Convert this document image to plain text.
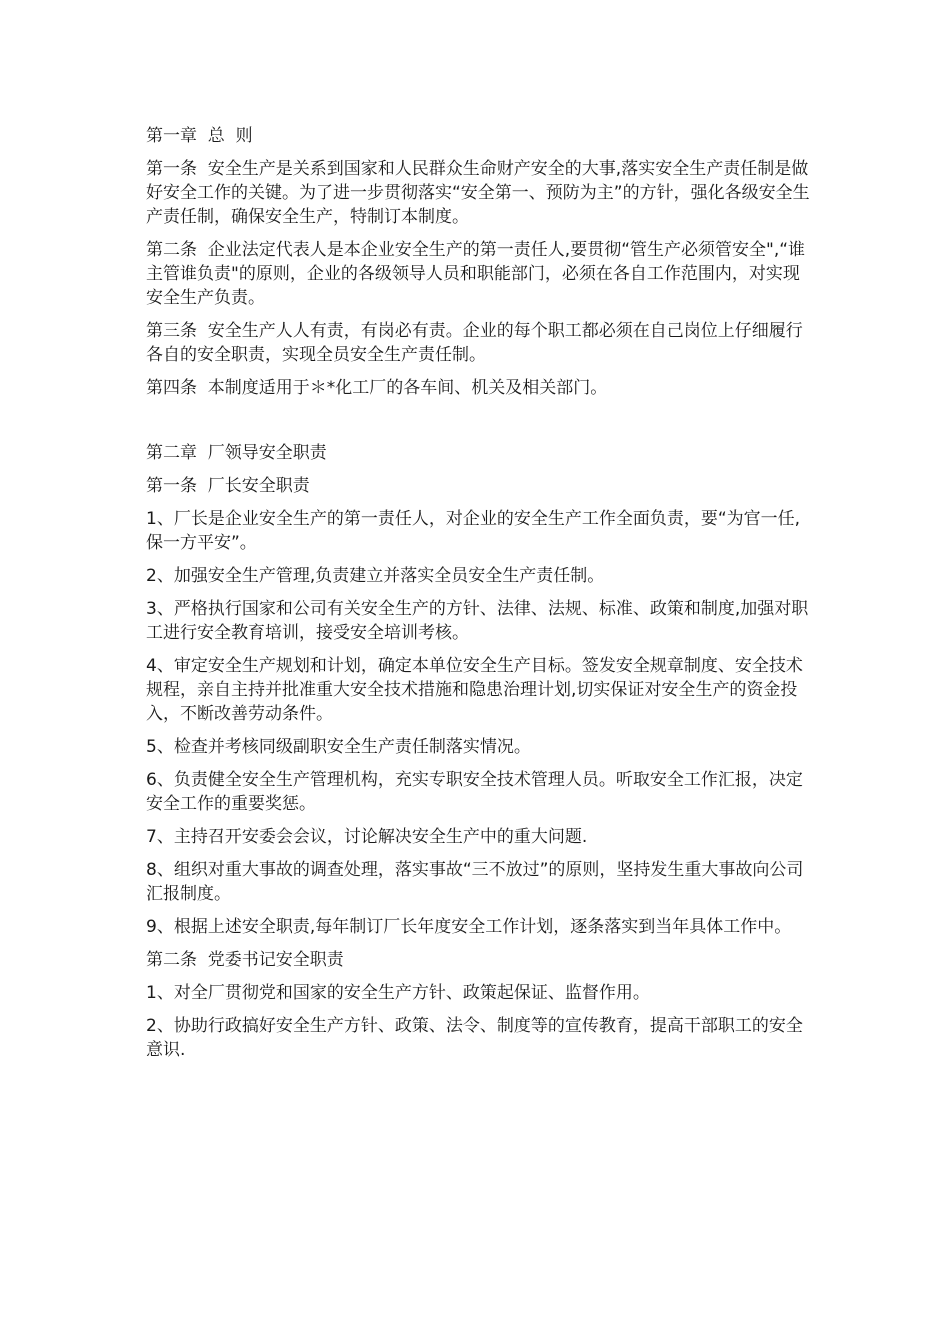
第一章  总  则

第一条  安全生产是关系到国家和人民群众生命财产安全的大事,落实安全生产责任制是做好安全工作的关键。为了进一步贯彻落实“安全第一、预防为主”的方针，强化各级安全生产责任制，确保安全生产，特制订本制度。

第二条  企业法定代表人是本企业安全生产的第一责任人,要贯彻“管生产必须管安全",“谁主管谁负责"的原则，企业的各级领导人员和职能部门，必须在各自工作范围内，对实现安全生产负责。

第三条  安全生产人人有责，有岗必有责。企业的每个职工都必须在自己岗位上仔细履行各自的安全职责，实现全员安全生产责任制。

第四条  本制度适用于＊*化工厂的各车间、机关及相关部门。

第二章  厂领导安全职责

第一条  厂长安全职责

1、厂长是企业安全生产的第一责任人，对企业的安全生产工作全面负责，要“为官一任,保一方平安”。

2、加强安全生产管理,负责建立并落实全员安全生产责任制。

3、严格执行国家和公司有关安全生产的方针、法律、法规、标准、政策和制度,加强对职工进行安全教育培训，接受安全培训考核。

4、审定安全生产规划和计划，确定本单位安全生产目标。签发安全规章制度、安全技术规程，亲自主持并批准重大安全技术措施和隐患治理计划,切实保证对安全生产的资金投入，不断改善劳动条件。

5、检查并考核同级副职安全生产责任制落实情况。

6、负责健全安全生产管理机构，充实专职安全技术管理人员。听取安全工作汇报，决定安全工作的重要奖惩。

7、主持召开安委会会议，讨论解决安全生产中的重大问题.

8、组织对重大事故的调查处理，落实事故“三不放过”的原则，坚持发生重大事故向公司汇报制度。

9、根据上述安全职责,每年制订厂长年度安全工作计划，逐条落实到当年具体工作中。

第二条  党委书记安全职责

1、对全厂贯彻党和国家的安全生产方针、政策起保证、监督作用。

2、协助行政搞好安全生产方针、政策、法令、制度等的宣传教育，提高干部职工的安全意识.
